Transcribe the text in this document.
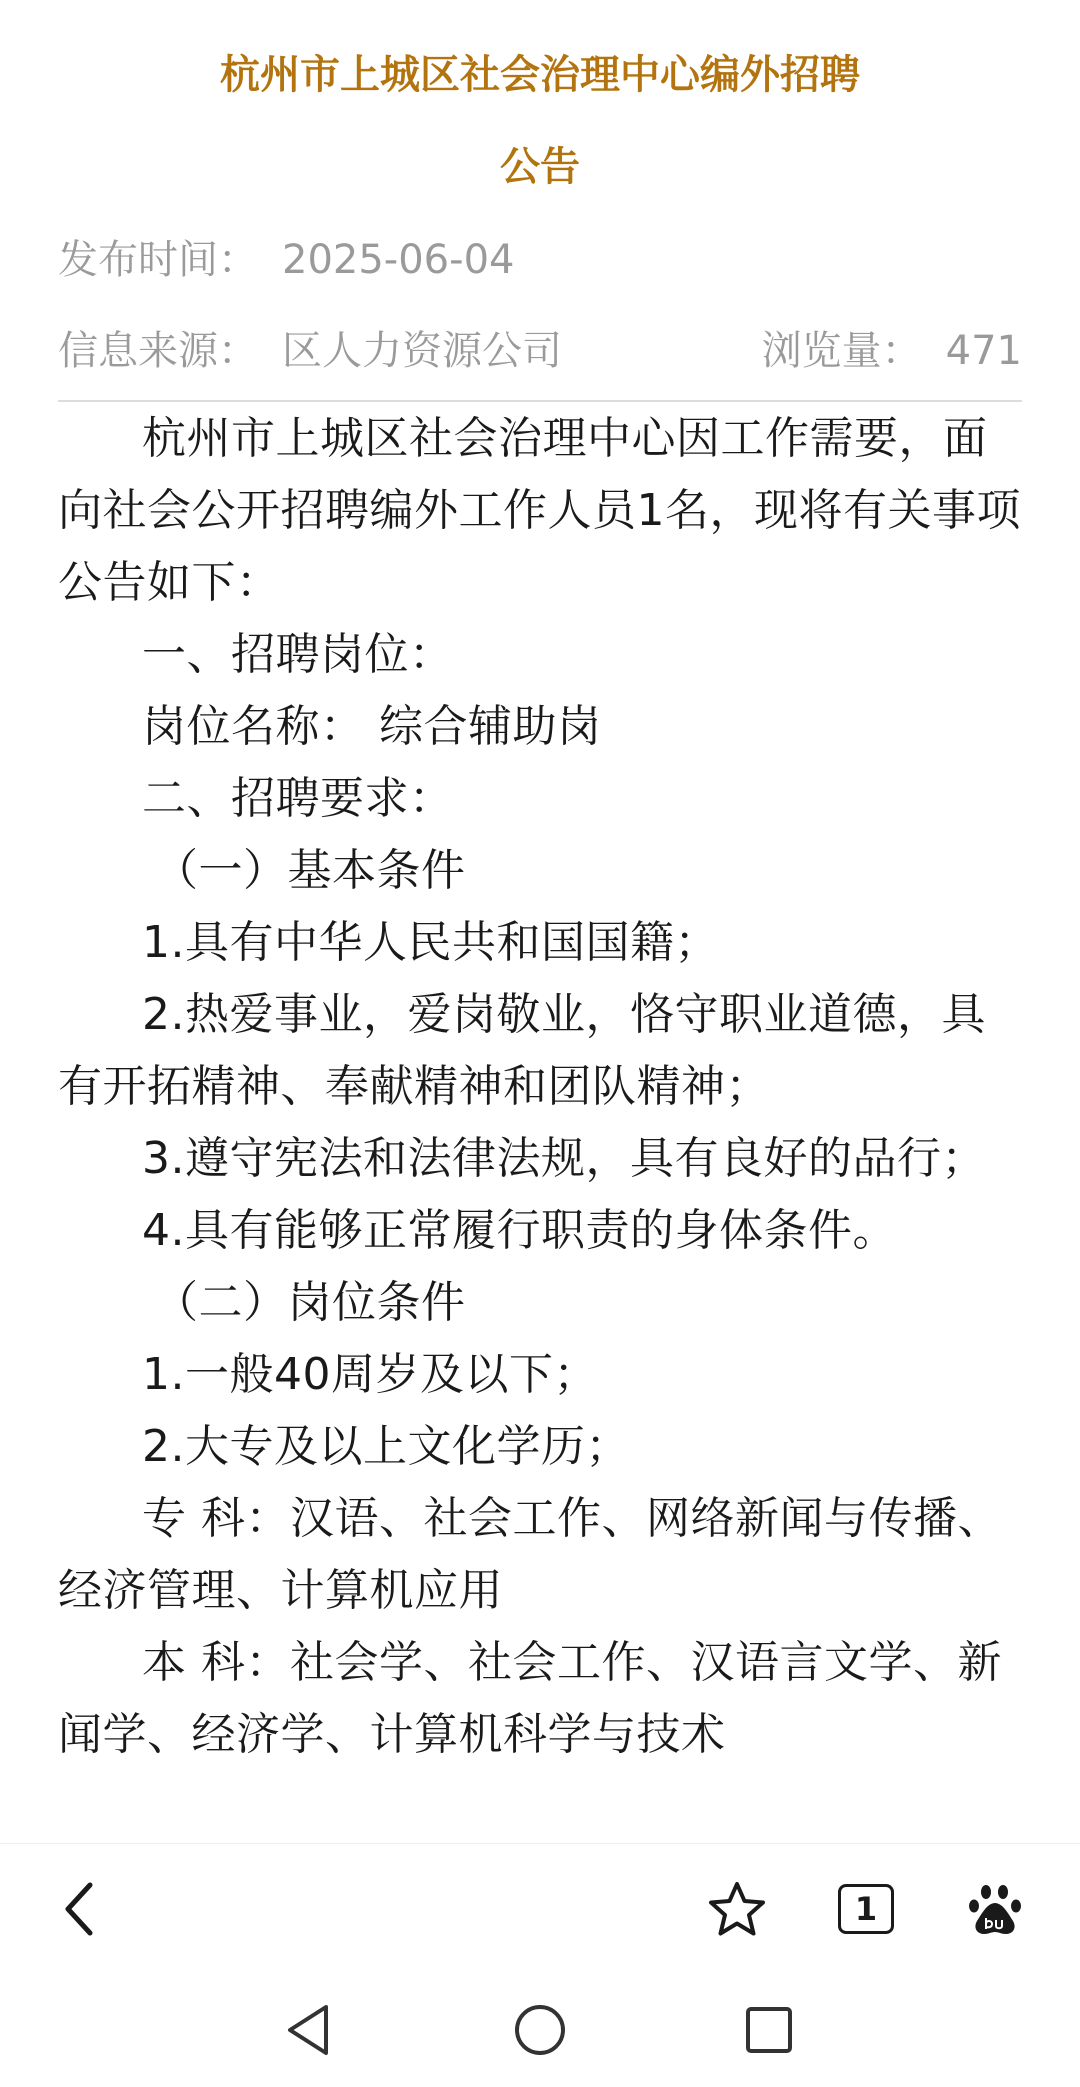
杭州市上城区社会治理中心编外招聘
公告
发布时间： 2025-06-04
信息来源： 区人力资源公司	浏览量： 471

杭州市上城区社会治理中心因工作需要，面向社会公开招聘编外工作人员1名，现将有关事项公告如下：

一、招聘岗位：

岗位名称： 综合辅助岗

二、招聘要求：

（一）基本条件

1.具有中华人民共和国国籍；

2.热爱事业，爱岗敬业，恪守职业道德，具有开拓精神、奉献精神和团队精神；

3.遵守宪法和法律法规，具有良好的品行；

4.具有能够正常履行职责的身体条件。

（二）岗位条件

1.一般40周岁及以下；

2.大专及以上文化学历；

专 科：汉语、社会工作、网络新闻与传播、经济管理、计算机应用

本 科：社会学、社会工作、汉语言文学、新闻学、经济学、计算机科学与技术

1
